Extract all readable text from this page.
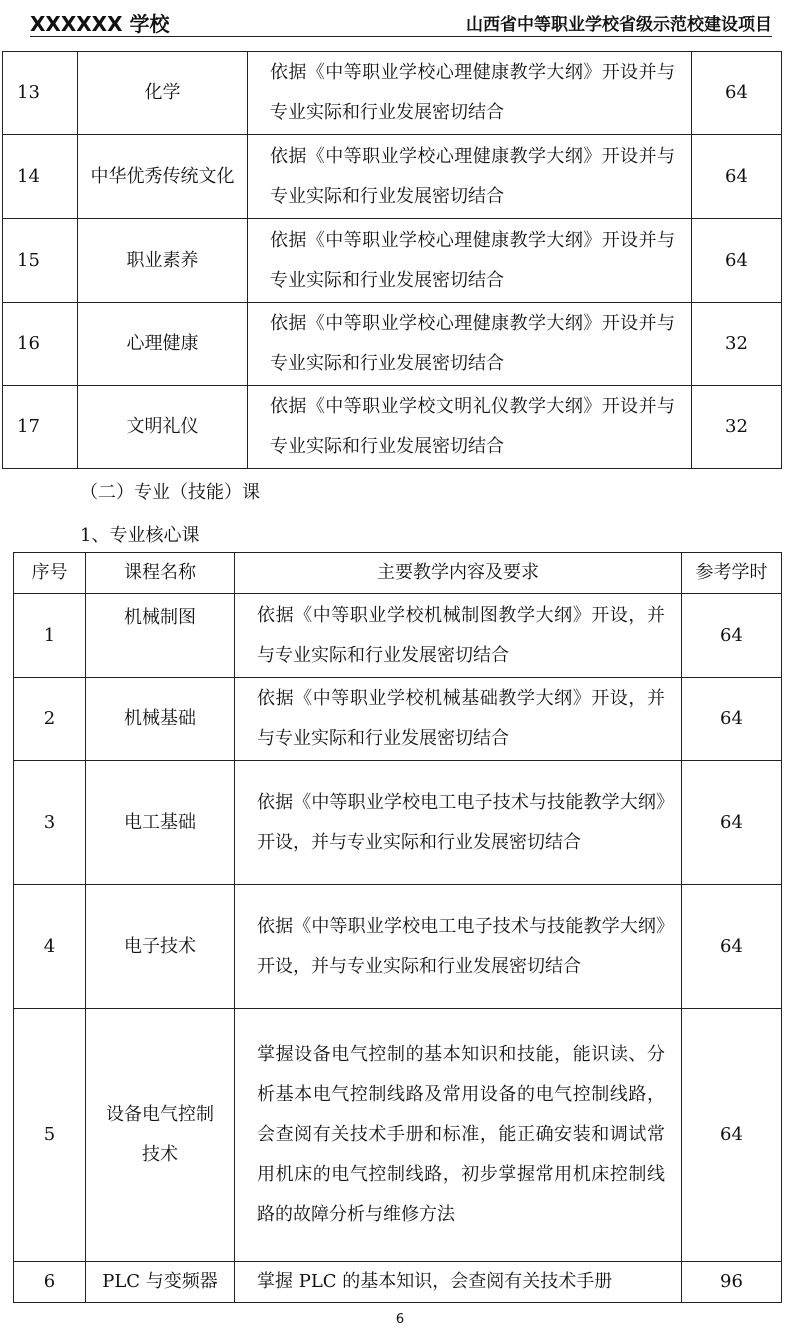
XXXXXX 学校	山西省中等职业学校省级示范校建设项目
13	化学	依据《中等职业学校心理健康教学大纲》开设并与专业实际和行业发展密切结合	64
14	中华优秀传统文化	依据《中等职业学校心理健康教学大纲》开设并与专业实际和行业发展密切结合	64
15	职业素养	依据《中等职业学校心理健康教学大纲》开设并与专业实际和行业发展密切结合	64
16	心理健康	依据《中等职业学校心理健康教学大纲》开设并与专业实际和行业发展密切结合	32
17	文明礼仪	依据《中等职业学校文明礼仪教学大纲》开设并与专业实际和行业发展密切结合	32
（二）专业（技能）课
1、专业核心课
序号	课程名称	主要教学内容及要求	参考学时
1	机械制图	依据《中等职业学校机械制图教学大纲》开设，并与专业实际和行业发展密切结合	64
2	机械基础	依据《中等职业学校机械基础教学大纲》开设，并与专业实际和行业发展密切结合	64
3	电工基础	依据《中等职业学校电工电子技术与技能教学大纲》开设，并与专业实际和行业发展密切结合	64
4	电子技术	依据《中等职业学校电工电子技术与技能教学大纲》开设，并与专业实际和行业发展密切结合	64
5	设备电气控制技术	掌握设备电气控制的基本知识和技能，能识读、分析基本电气控制线路及常用设备的电气控制线路，会查阅有关技术手册和标准，能正确安装和调试常用机床的电气控制线路，初步掌握常用机床控制线路的故障分析与维修方法	64
6	PLC 与变频器	掌握 PLC 的基本知识，会查阅有关技术手册	96
6
